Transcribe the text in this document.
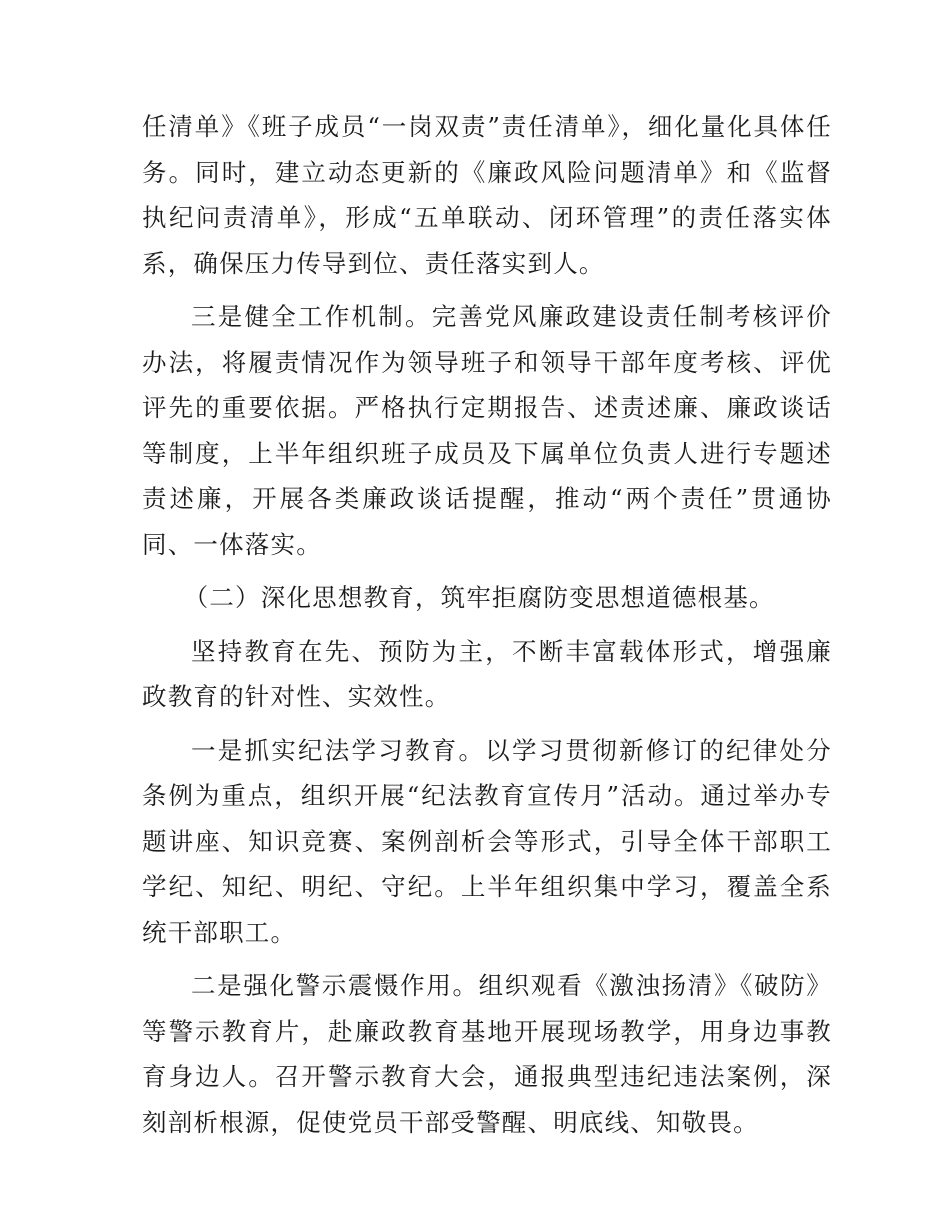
任清单》《班子成员“一岗双责”责任清单》，细化量化具体任务。同时，建立动态更新的《廉政风险问题清单》和《监督执纪问责清单》，形成“五单联动、闭环管理”的责任落实体系，确保压力传导到位、责任落实到人。

三是健全工作机制。完善党风廉政建设责任制考核评价办法，将履责情况作为领导班子和领导干部年度考核、评优评先的重要依据。严格执行定期报告、述责述廉、廉政谈话等制度，上半年组织班子成员及下属单位负责人进行专题述责述廉，开展各类廉政谈话提醒，推动“两个责任”贯通协同、一体落实。

（二）深化思想教育，筑牢拒腐防变思想道德根基。

坚持教育在先、预防为主，不断丰富载体形式，增强廉政教育的针对性、实效性。

一是抓实纪法学习教育。以学习贯彻新修订的纪律处分条例为重点，组织开展“纪法教育宣传月”活动。通过举办专题讲座、知识竞赛、案例剖析会等形式，引导全体干部职工学纪、知纪、明纪、守纪。上半年组织集中学习，覆盖全系统干部职工。

二是强化警示震慑作用。组织观看《激浊扬清》《破防》等警示教育片，赴廉政教育基地开展现场教学，用身边事教育身边人。召开警示教育大会，通报典型违纪违法案例，深刻剖析根源，促使党员干部受警醒、明底线、知敬畏。
